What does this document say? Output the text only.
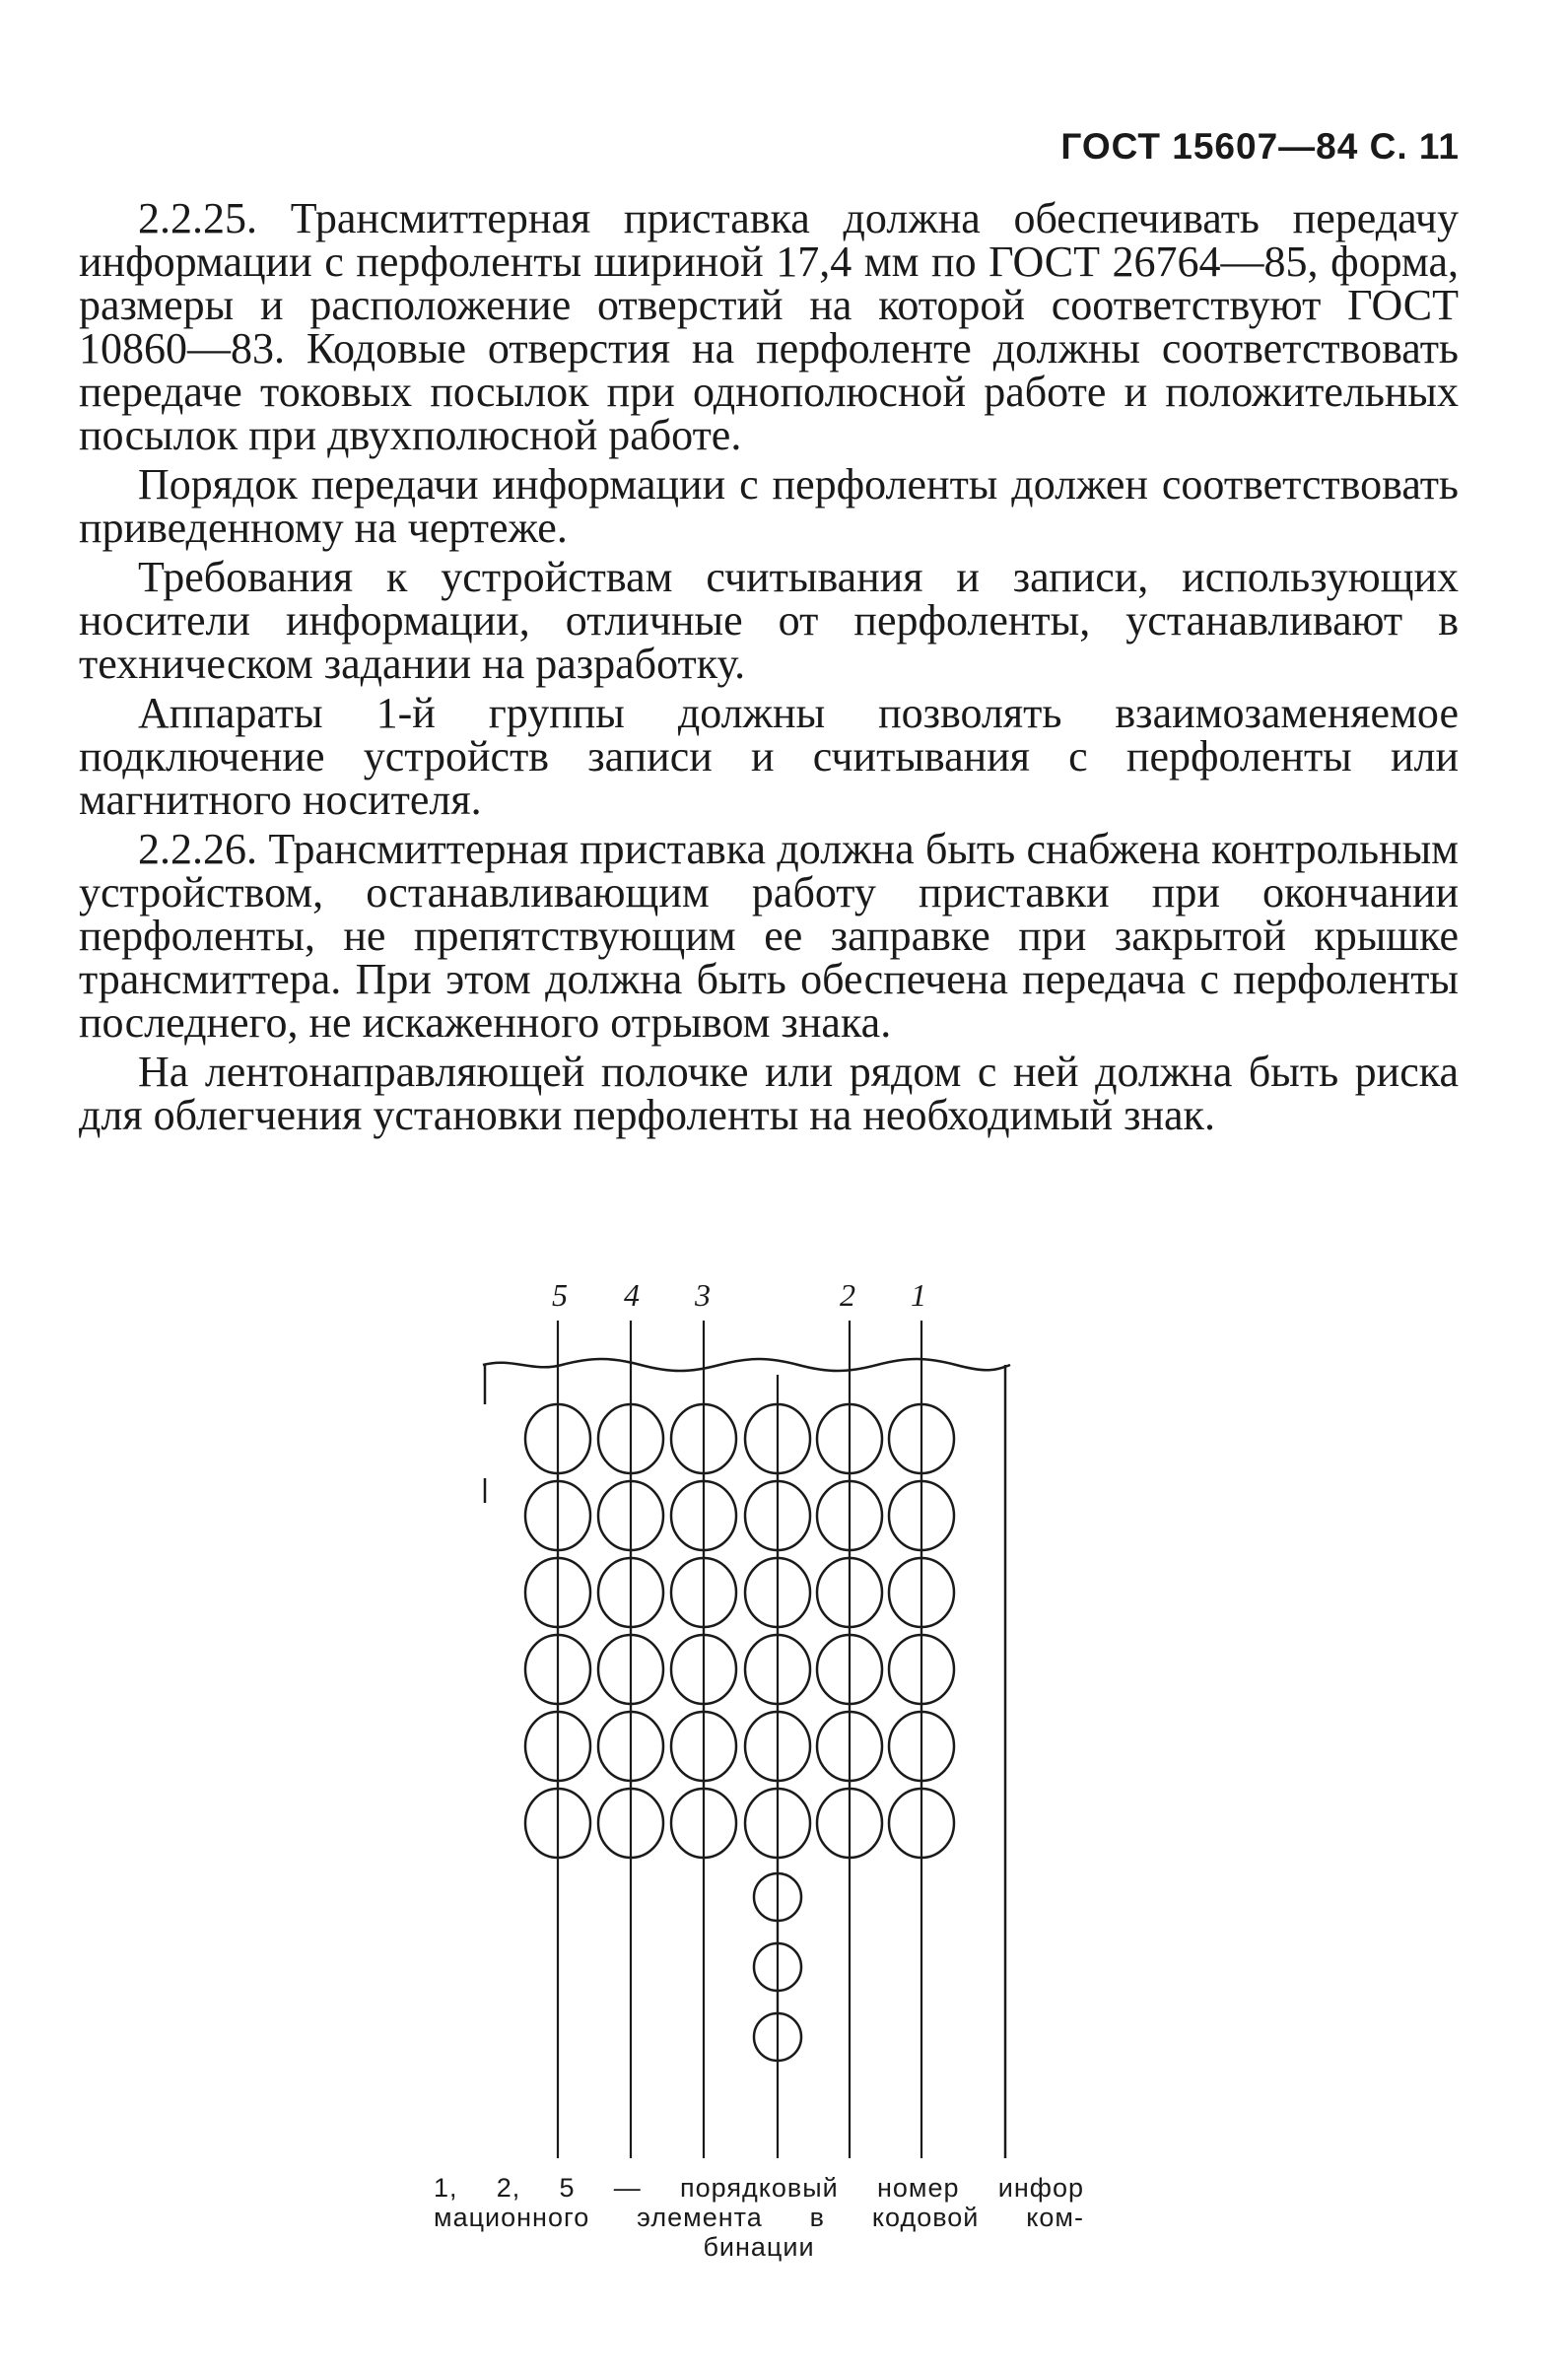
ГОСТ 15607—84 С. 11

2.2.25. Трансмиттерная приставка должна обеспечивать передачу информации с перфоленты шириной 17,4 мм по ГОСТ 26764—85, форма, размеры и расположение отверстий на которой соответствуют ГОСТ 10860—83. Кодовые отверстия на перфоленте должны соответствовать передаче токовых посылок при однополюсной работе и положительных посылок при двухполюсной работе.

Порядок передачи информации с перфоленты должен соответствовать приведенному на чертеже.

Требования к устройствам считывания и записи, использующих носители информации, отличные от перфоленты, устанавливают в техническом задании на разработку.

Аппараты 1-й группы должны позволять взаимозаменяемое подключение устройств записи и считывания с перфоленты или магнитного носителя.

2.2.26. Трансмиттерная приставка должна быть снабжена контрольным устройством, останавливающим работу приставки при окончании перфоленты, не препятствующим ее заправке при закрытой крышке трансмиттера. При этом должна быть обеспечена передача с перфоленты последнего, не искаженного отрывом знака.

На лентонаправляющей полочке или рядом с ней должна быть риска для облегчения установки перфоленты на необходимый знак.

5 4 3	2 1
1, 2, 5 — порядковый номер инфор
мационного элемента в кодовой ком-
бинации
